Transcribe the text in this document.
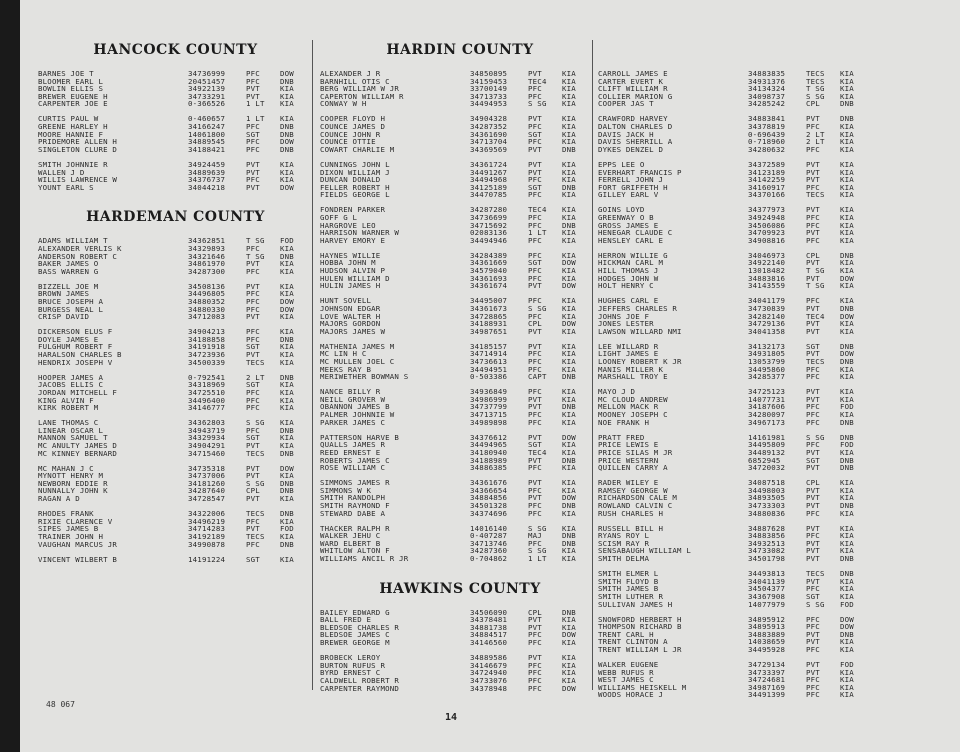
HANCOCK COUNTY
BARNES JOE T	34736999	PFC	DOW
BLOOMER EARL L	20451457	PFC	DNB
BOWLIN ELLIS S	34922139	PVT	KIA
BREWER EUGENE H	34733291	PVT	KIA
CARPENTER JOE E	0-366526	1 LT	KIA
CURTIS PAUL W	0-460657	1 LT	KIA
GREENE HARLEY H	34166247	PFC	DNB
MOORE HANNIE F	14061800	SGT	DNB
PRIDEMORE ALLEN H	34889545	PFC	DOW
SINGLETON CLURE D	34188421	PFC	DNB
SMITH JOHNNIE R	34924459	PVT	KIA
WALLEN J D	34889639	PVT	KIA
WILLIS LAWRENCE W	34376737	PFC	KIA
YOUNT EARL S	34044218	PVT	DOW
HARDEMAN COUNTY
ADAMS WILLIAM T	34362851	T SG	FOD
ALEXANDER VERLIS K	34329893	PFC	KIA
ANDERSON ROBERT C	34321646	T SG	DNB
BAKER JAMES O	34861970	PVT	KIA
BASS WARREN G	34287300	PFC	KIA
BIZZELL JOE M	34508136	PVT	KIA
BROWN JAMES	34496805	PFC	KIA
BRUCE JOSEPH A	34880352	PFC	DOW
BURGESS NEAL L	34880330	PFC	DOW
CRISP DAVID	34712083	PVT	KIA
DICKERSON ELUS F	34904213	PFC	KIA
DOYLE JAMES E	34188858	PFC	DNB
FULGHUM ROBERT F	34191918	SGT	KIA
HARALSON CHARLES B	34723936	PVT	KIA
HENDRIX JOSEPH V	34500339	TECS	KIA
HOOPER JAMES A	0-792541	2 LT	DNB
JACOBS ELLIS C	34318969	SGT	KIA
JORDAN MITCHELL F	34725510	PFC	KIA
KING ALVIN F	34496400	PFC	KIA
KIRK ROBERT M	34146777	PFC	KIA
LANE THOMAS C	34362803	S SG	KIA
LINEAR OSCAR L	34943719	PFC	DNB
MANNON SAMUEL T	34329934	SGT	KIA
MC ANULTY JAMES D	34904291	PVT	KIA
MC KINNEY BERNARD	34715460	TECS	DNB
MC MAHAN J C	34735318	PVT	DOW
MYNOTT HENRY M	34737006	PVT	KIA
NEWBORN EDDIE R	34181260	S SG	DNB
NUNNALLY JOHN K	34287640	CPL	DNB
RAGAN A D	34728547	PVT	KIA
RHODES FRANK	34322006	TECS	DNB
RIXIE CLARENCE V	34496219	PFC	KIA
SIPES JAMES B	34714283	PVT	FOD
TRAINER JOHN H	34192189	TECS	KIA
VAUGHAN MARCUS JR	34990878	PFC	DNB
VINCENT WILBERT B	14191224	SGT	KIA
HARDIN COUNTY
ALEXANDER J R	34850895	PVT	KIA
BARNHILL OTIS C	34159453	TEC4	KIA
BERG WILLIAM W JR	33700149	PFC	KIA
CAPERTON WILLIAM R	34713733	PFC	KIA
CONWAY W H	34494953	S SG	KIA
COOPER FLOYD H	34904328	PVT	KIA
COUNCE JAMES D	34287352	PFC	KIA
COUNCE JOHN R	34361690	SGT	KIA
COUNCE OTTIE	34713704	PFC	KIA
COWART CHARLIE M	34369569	PVT	DNB
CUNNINGS JOHN L	34361724	PVT	KIA
DIXON WILLIAM J	34491267	PVT	KIA
DUNCAN DONALD	34494968	PFC	KIA
FELLER ROBERT H	34125189	SGT	DNB
FIELDS GEORGE L	34470785	PFC	KIA
FONDREN PARKER	34287280	TEC4	KIA
GOFF G L	34736699	PFC	KIA
HARGROVE LEO	34715692	PFC	DNB
HARRISON WARNER W	02083136	1 LT	KIA
HARVEY EMORY E	34494946	PFC	KIA
HAYNES WILLIE	34284389	PFC	KIA
HOBBA JOHN M	34361669	SGT	DOW
HUDSON ALVIN P	34579040	PFC	KIA
HULEN WILLIAM D	34361693	PFC	KIA
HULIN JAMES H	34361674	PVT	DOW
HUNT SOVELL	34495007	PFC	KIA
JOHNSON EDGAR	34361673	S SG	KIA
LOVE WALTER H	34728865	PFC	KIA
MAJORS GORDON	34188931	CPL	DOW
MAJORS JAMES W	34987651	PVT	KIA
MATHENIA JAMES M	34185157	PVT	KIA
MC LIN H C	34714914	PFC	KIA
MC MULLEN JOEL C	34736613	PFC	KIA
MEEKS RAY B	34494951	PFC	KIA
MERIWETHER BOWMAN S	0-503386	CAPT	DNB
NANCE BILLY R	34936849	PFC	KIA
NEILL GROVER W	34986999	PVT	KIA
OBANNON JAMES B	34737799	PVT	DNB
PALMER JOHNNIE W	34713715	PFC	KIA
PARKER JAMES C	34989898	PFC	KIA
PATTERSON HARVE B	34376612	PVT	DOW
QUALLS JAMES R	34494965	SGT	KIA
REED ERNEST E	34180940	TEC4	KIA
ROBERTS JAMES C	34188989	PVT	DNB
ROSE WILLIAM C	34886385	PFC	KIA
SIMMONS JAMES R	34361676	PVT	KIA
SIMMONS W K	34366654	PFC	KIA
SMITH RANDOLPH	34884856	PVT	DOW
SMITH RAYMOND F	34501328	PFC	DNB
STEWARD DABE A	34374696	PFC	KIA
THACKER RALPH R	14016140	S SG	KIA
WALKER JEHU C	0-407287	MAJ	DNB
WARD ELBERT B	34713746	PFC	DNB
WHITLOW ALTON F	34287360	S SG	KIA
WILLIAMS ANCIL R JR	0-704862	1 LT	KIA
HAWKINS COUNTY
BAILEY EDWARD G	34506090	CPL	DNB
BALL FRED E	34378481	PVT	KIA
BLEDSOE CHARLES R	34881738	PVT	KIA
BLEDSOE JAMES C	34884517	PFC	DOW
BREWER GEORGE M	34146560	PFC	KIA
BROBECK LEROY	34889586	PVT	KIA
BURTON RUFUS R	34146679	PFC	KIA
BYRD ERNEST C	34724940	PFC	KIA
CALDWELL ROBERT R	34733076	PFC	KIA
CARPENTER RAYMOND	34378948	PFC	DOW
CARROLL JAMES E	34883835	TECS	KIA
CARTER EVERT K	34931376	TECS	KIA
CLIFT WILLIAM R	34134324	T SG	KIA
COLLIER MARION G	34098737	S SG	KIA
COOPER JAS T	34285242	CPL	DNB
CRAWFORD HARVEY	34883841	PVT	DNB
DALTON CHARLES D	34378819	PFC	KIA
DAVIS JACK H	0-696439	2 LT	KIA
DAVIS SHERRILL A	0-718960	2 LT	KIA
DYKES DENZEL D	34280632	PFC	KIA
EPPS LEE O	34372589	PVT	KIA
EVERHART FRANCIS P	34123189	PVT	KIA
FERRELL JOHN J	34142259	PVT	KIA
FORT GRIFFETH H	34160917	PFC	KIA
GILLEY EARL V	34370166	TECS	KIA
GOINS LOYD	34377973	PVT	KIA
GREENWAY O B	34924948	PFC	KIA
GROSS JAMES E	34506086	PFC	KIA
HENEGAR CLAUDE C	34709923	PVT	KIA
HENSLEY CARL E	34908816	PFC	KIA
HERRON WILLIE G	34046973	CPL	DNB
HICKMAN CARL M	34922140	PVT	KIA
HILL THOMAS J	13018482	T SG	KIA
HODGES JOHN W	34883816	PVT	DOW
HOLT HENRY C	34143559	T SG	KIA
HUGHES CARL E	34041179	PFC	KIA
JEFFERS CHARLES R	34730839	PVT	DNB
JOHNS JOE F	34282140	TEC4	DOW
JONES LESTER	34729136	PVT	KIA
LAWSON WILLARD NMI	34041358	PVT	KIA
LEE WILLARD R	34132173	SGT	DNB
LIGHT JAMES E	34931805	PVT	DOW
LOONEY ROBERT K JR	13053799	TECS	DNB
MANIS MILLER K	34495860	PFC	KIA
MARSHALL TROY E	34285377	PFC	KIA
MAYO J D	34725123	PVT	KIA
MC CLOUD ANDREW	14077731	PVT	KIA
MELLON MACK R	34187606	PFC	FOD
MOONEY JOSEPH C	34280097	PFC	KIA
NOE FRANK H	34967173	PFC	DNB
PRATT FRED	14161981	S SG	DNB
PRICE LEWIS E	34495809	PFC	FOD
PRICE SILAS M JR	34489132	PVT	KIA
PRICE WESTERN	6852945	SGT	DNB
QUILLEN CARRY A	34720032	PVT	DNB
RADER WILEY E	34087518	CPL	KIA
RAMSEY GEORGE W	34498003	PVT	KIA
RICHARDSON CALE M	34893505	PVT	KIA
ROWLAND CALVIN C	34733303	PVT	DNB
RUSH CHARLES H	34880836	PFC	KIA
RUSSELL BILL H	34887628	PVT	KIA
RYANS ROY L	34883856	PFC	KIA
SCISM RAY R	34932513	PVT	KIA
SENSABAUGH WILLIAM L	34733082	PVT	KIA
SMITH DELMA	34501798	PVT	DNB
SMITH ELMER L	34493813	TECS	DNB
SMITH FLOYD B	34041139	PVT	KIA
SMITH JAMES B	34504377	PFC	KIA
SMITH LUTHER R	34367908	SGT	KIA
SULLIVAN JAMES H	14077979	S SG	FOD
SNOWFORD HERBERT H	34895912	PFC	DOW
THOMPSON RICHARD B	34895913	PFC	DOW
TRENT CARL H	34883889	PVT	DNB
TRENT CLINTON A	14038659	PVT	KIA
TRENT WILLIAM L JR	34495928	PFC	KIA
WALKER EUGENE	34729134	PVT	FOD
WEBB RUFUS R	34733397	PVT	KIA
WEST JAMES C	34724681	PFC	KIA
WILLIAMS HEISKELL M	34987169	PFC	KIA
WOODS HORACE J	34491399	PFC	KIA
48 067
14
